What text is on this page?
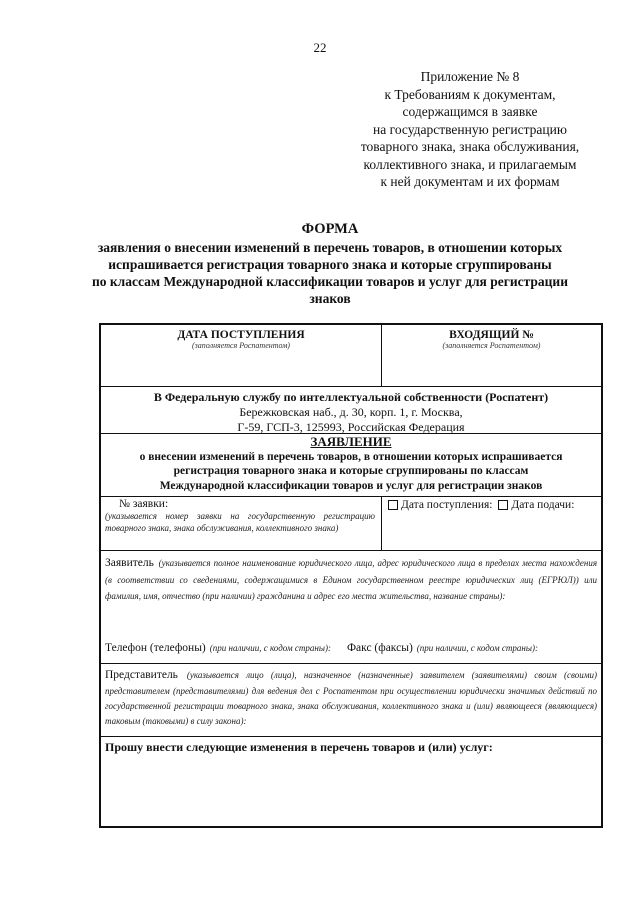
22
Приложение № 8
к Требованиям к документам,
содержащимся в заявке
на государственную регистрацию
товарного знака, знака обслуживания,
коллективного знака, и прилагаемым
к ней документам и их формам
ФОРМА
заявления о внесении изменений в перечень товаров, в отношении которых
испрашивается регистрация товарного знака и которые сгруппированы
по классам Международной классификации товаров и услуг для регистрации
знаков
ДАТА ПОСТУПЛЕНИЯ
(заполняется Роспатентом)
ВХОДЯЩИЙ №
(заполняется Роспатентом)
В Федеральную службу по интеллектуальной собственности (Роспатент)
Бережковская наб., д. 30, корп. 1, г. Москва,
Г-59, ГСП-3, 125993, Российская Федерация
ЗАЯВЛЕНИЕ
о внесении изменений в перечень товаров, в отношении которых испрашивается
регистрация товарного знака и которые сгруппированы по классам
Международной классификации товаров и услуг для регистрации знаков
№ заявки:
(указывается номер заявки на государственную регистрацию товарного знака, знака обслуживания, коллективного знака)
Дата поступления: Дата подачи:
Заявитель (указывается полное наименование юридического лица, адрес юридического лица в пределах места нахождения (в соответствии со сведениями, содержащимися в Едином государственном реестре юридических лиц (ЕГРЮЛ)) или фамилия, имя, отчество (при наличии) гражданина и адрес его места жительства, название страны):
Телефон (телефоны) (при наличии, с кодом страны): Факс (факсы) (при наличии, с кодом страны):
Представитель (указывается лицо (лица), назначенное (назначенные) заявителем (заявителями) своим (своими) представителем (представителями) для ведения дел с Роспатентом при осуществлении юридически значимых действий по государственной регистрации товарного знака, знака обслуживания, коллективного знака и (или) являющееся (являющиеся) таковым (таковыми) в силу закона):
Прошу внести следующие изменения в перечень товаров и (или) услуг:
